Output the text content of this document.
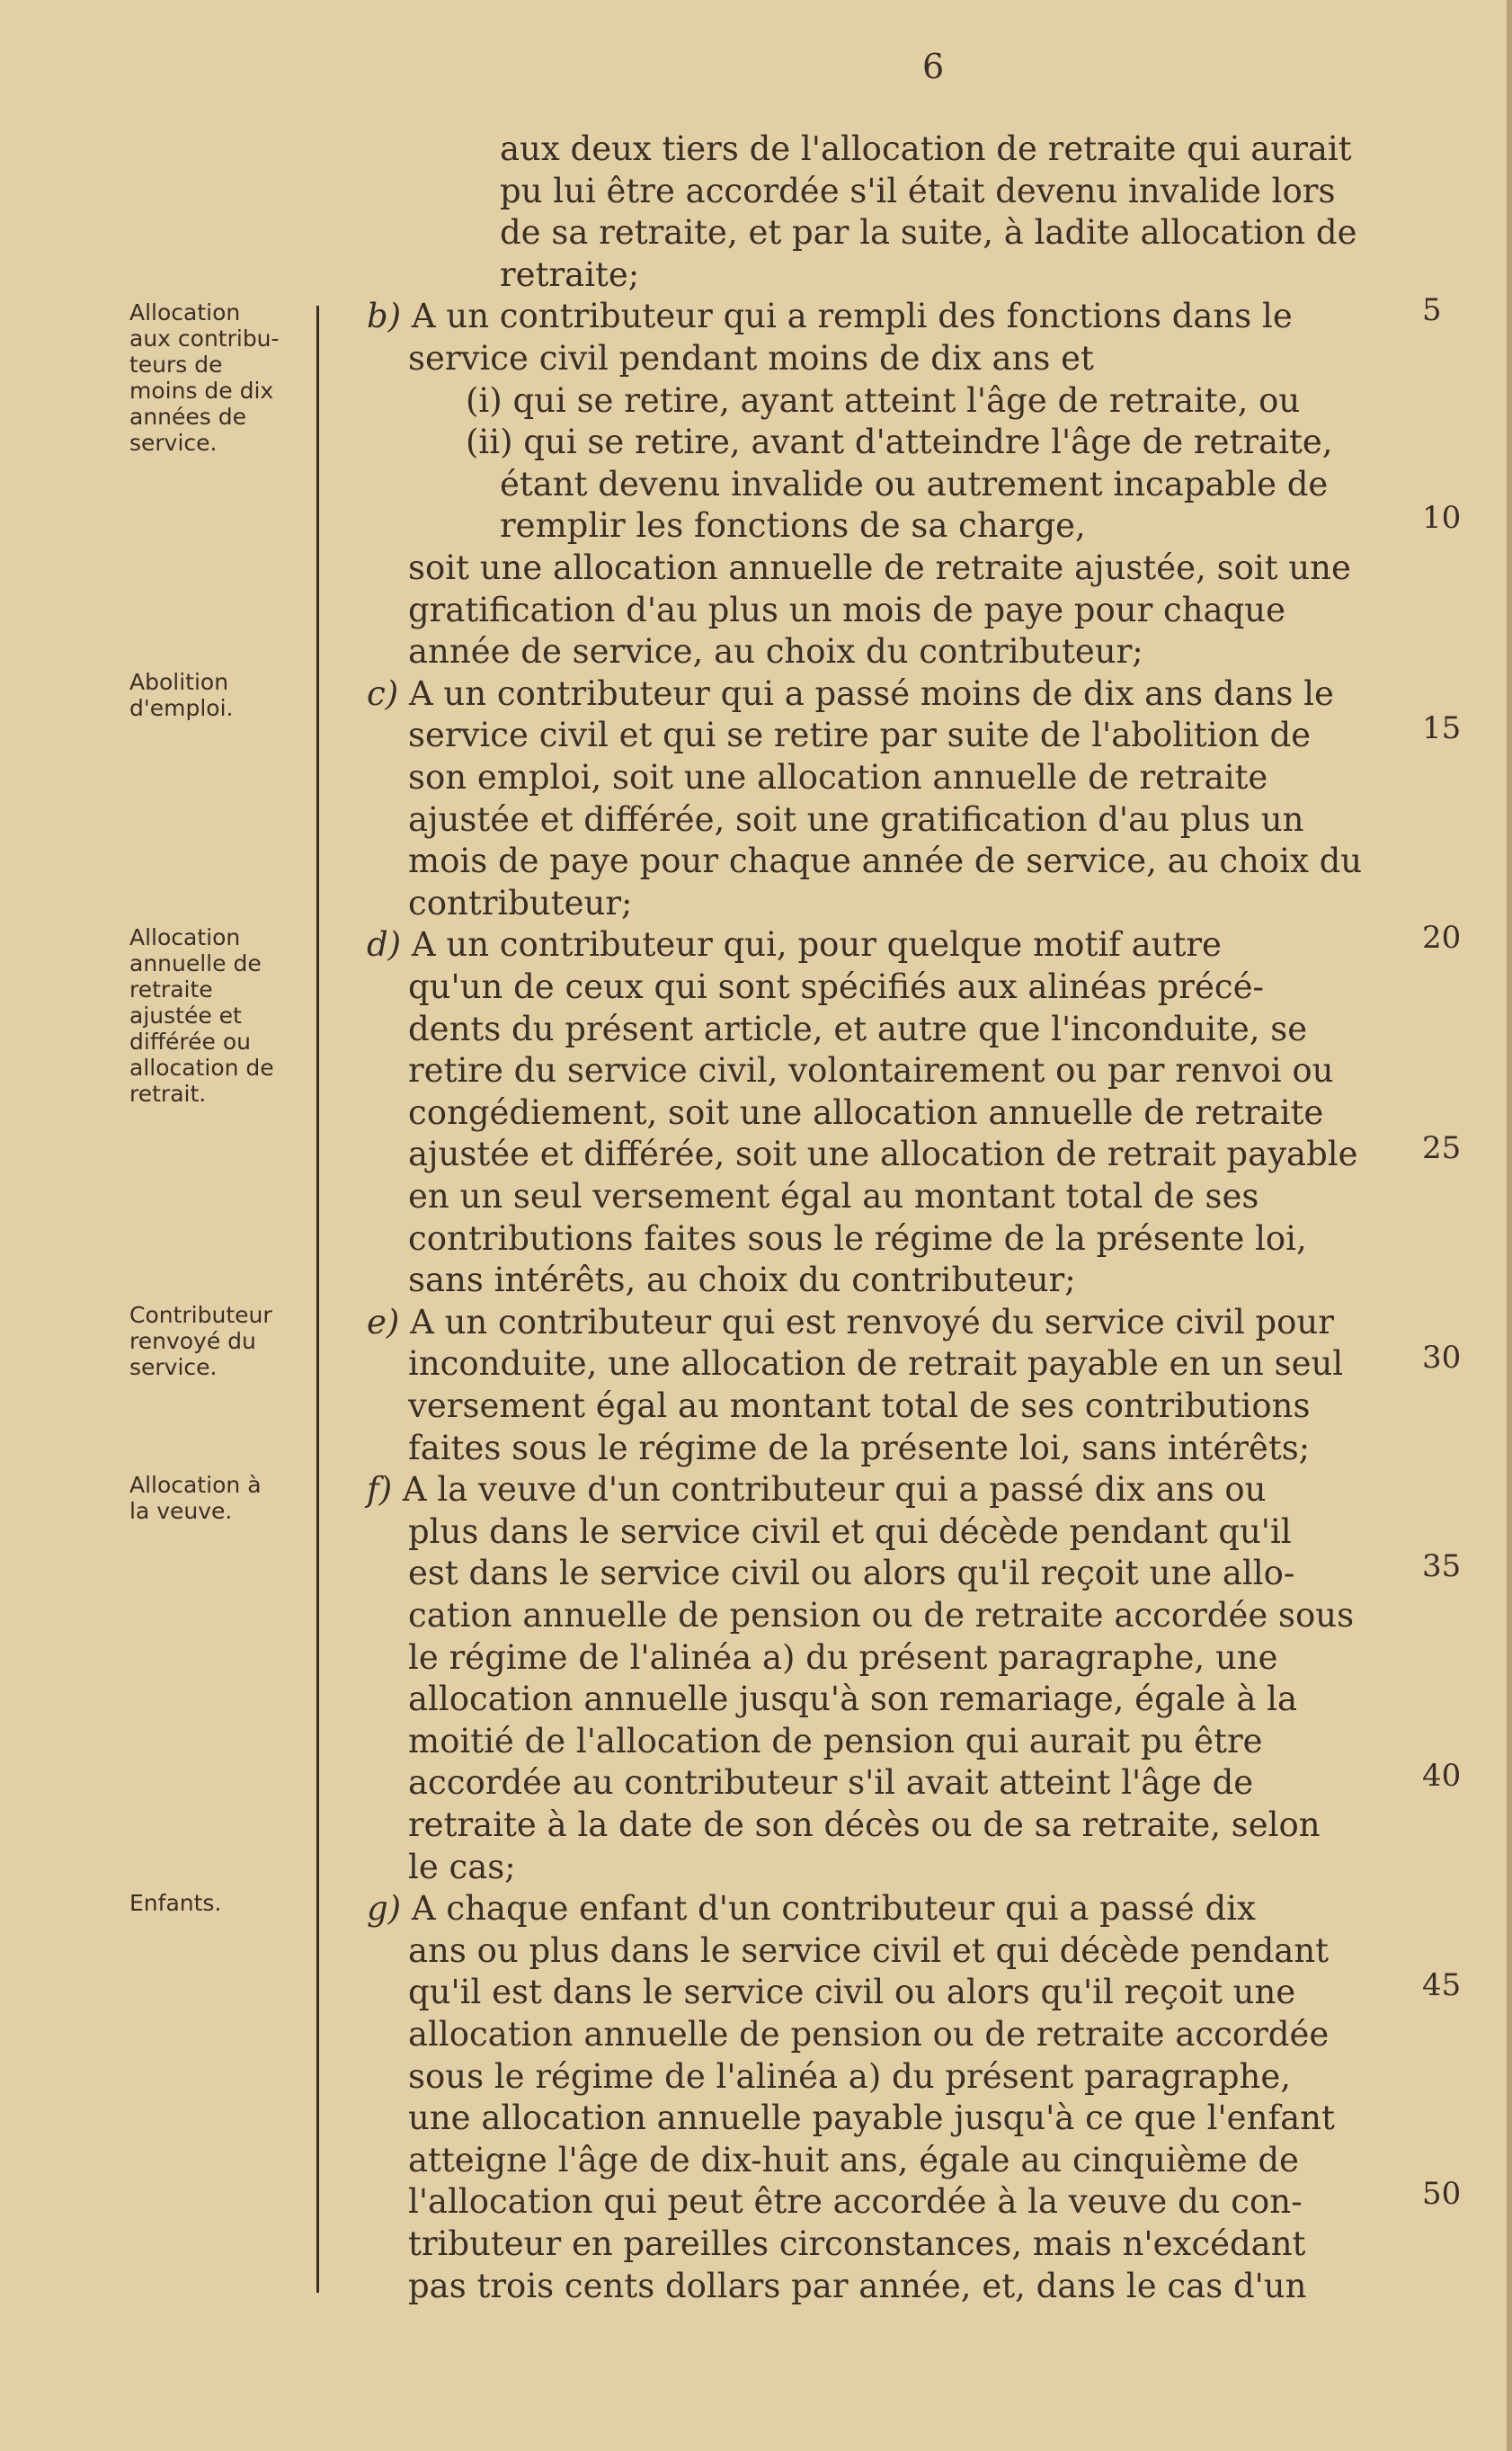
6
Allocation
aux contribu-
teurs de
moins de dix
années de
service.
Abolition
d'emploi.
Allocation
annuelle de
retraite
ajustée et
différée ou
allocation de
retrait.
Contributeur
renvoyé du
service.
Allocation à
la veuve.
Enfants.
5
10
15
20
25
30
35
40
45
50
aux deux tiers de l'allocation de retraite qui aurait
pu lui être accordée s'il était devenu invalide lors
de sa retraite, et par la suite, à ladite allocation de
retraite;
b) A un contributeur qui a rempli des fonctions dans le
service civil pendant moins de dix ans et
(i) qui se retire, ayant atteint l'âge de retraite, ou
(ii) qui se retire, avant d'atteindre l'âge de retraite,
étant devenu invalide ou autrement incapable de
remplir les fonctions de sa charge,
soit une allocation annuelle de retraite ajustée, soit une
gratification d'au plus un mois de paye pour chaque
année de service, au choix du contributeur;
c) A un contributeur qui a passé moins de dix ans dans le
service civil et qui se retire par suite de l'abolition de
son emploi, soit une allocation annuelle de retraite
ajustée et différée, soit une gratification d'au plus un
mois de paye pour chaque année de service, au choix du
contributeur;
d) A un contributeur qui, pour quelque motif autre
qu'un de ceux qui sont spécifiés aux alinéas précé-
dents du présent article, et autre que l'inconduite, se
retire du service civil, volontairement ou par renvoi ou
congédiement, soit une allocation annuelle de retraite
ajustée et différée, soit une allocation de retrait payable
en un seul versement égal au montant total de ses
contributions faites sous le régime de la présente loi,
sans intérêts, au choix du contributeur;
e) A un contributeur qui est renvoyé du service civil pour
inconduite, une allocation de retrait payable en un seul
versement égal au montant total de ses contributions
faites sous le régime de la présente loi, sans intérêts;
f) A la veuve d'un contributeur qui a passé dix ans ou
plus dans le service civil et qui décède pendant qu'il
est dans le service civil ou alors qu'il reçoit une allo-
cation annuelle de pension ou de retraite accordée sous
le régime de l'alinéa a) du présent paragraphe, une
allocation annuelle jusqu'à son remariage, égale à la
moitié de l'allocation de pension qui aurait pu être
accordée au contributeur s'il avait atteint l'âge de
retraite à la date de son décès ou de sa retraite, selon
le cas;
g) A chaque enfant d'un contributeur qui a passé dix
ans ou plus dans le service civil et qui décède pendant
qu'il est dans le service civil ou alors qu'il reçoit une
allocation annuelle de pension ou de retraite accordée
sous le régime de l'alinéa a) du présent paragraphe,
une allocation annuelle payable jusqu'à ce que l'enfant
atteigne l'âge de dix-huit ans, égale au cinquième de
l'allocation qui peut être accordée à la veuve du con-
tributeur en pareilles circonstances, mais n'excédant
pas trois cents dollars par année, et, dans le cas d'un
